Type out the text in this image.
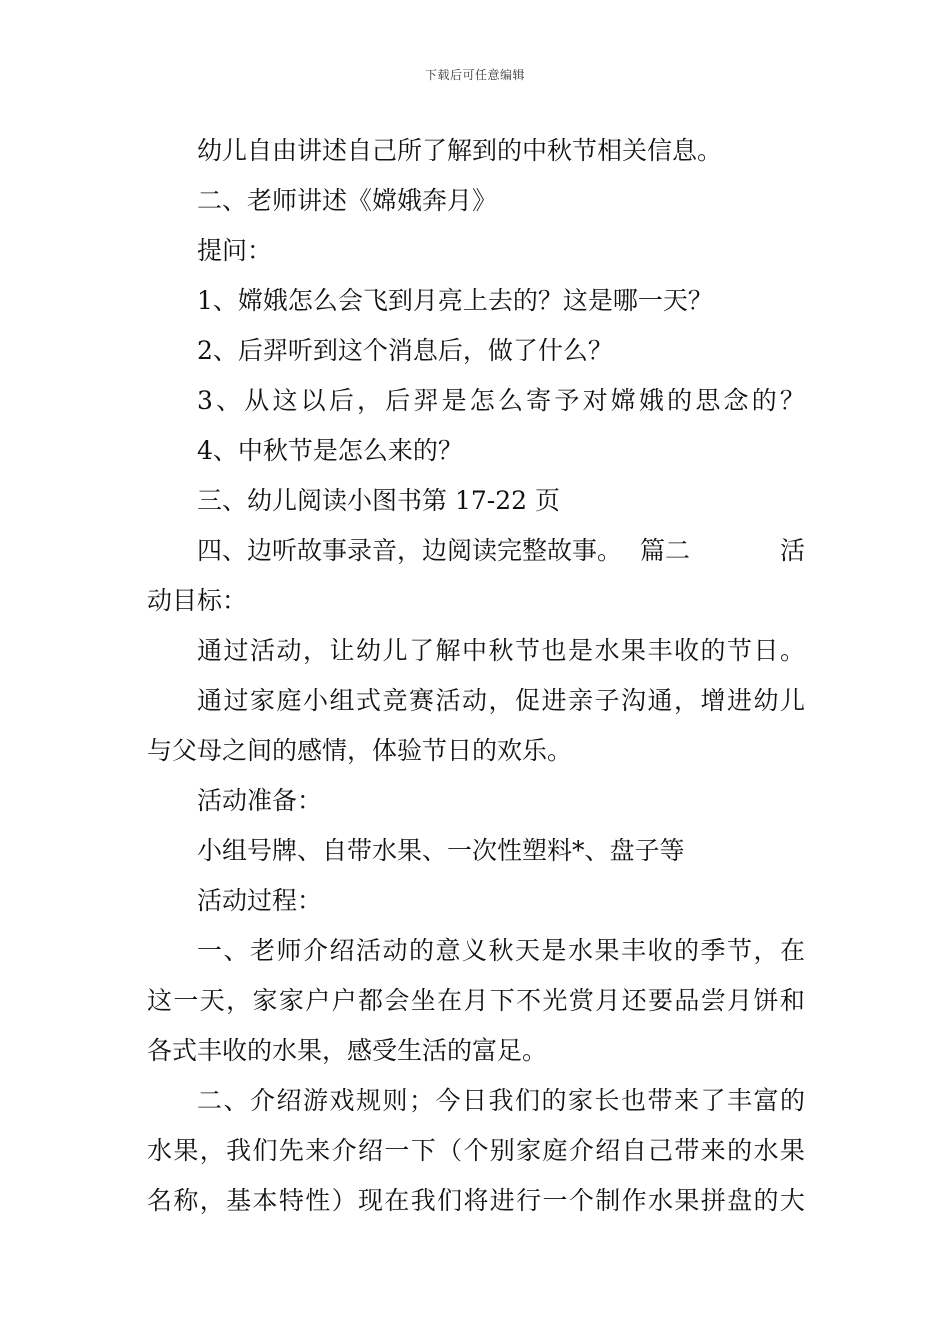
下载后可任意编辑

幼儿自由讲述自己所了解到的中秋节相关信息。

二、老师讲述《嫦娥奔月》

提问：

1、嫦娥怎么会飞到月亮上去的？这是哪一天？

2、后羿听到这个消息后，做了什么？

3、从这以后，后羿是怎么寄予对嫦娥的思念的？

4、中秋节是怎么来的？

三、幼儿阅读小图书第 17-22 页

四、边听故事录音，边阅读完整故事。 篇二	活

动目标：

通过活动，让幼儿了解中秋节也是水果丰收的节日。

通过家庭小组式竞赛活动，促进亲子沟通，增进幼儿

与父母之间的感情，体验节日的欢乐。

活动准备：

小组号牌、自带水果、一次性塑料*、盘子等

活动过程：

一、老师介绍活动的意义秋天是水果丰收的季节，在

这一天，家家户户都会坐在月下不光赏月还要品尝月饼和

各式丰收的水果，感受生活的富足。

二、介绍游戏规则；今日我们的家长也带来了丰富的

水果，我们先来介绍一下（个别家庭介绍自己带来的水果

名称，基本特性）现在我们将进行一个制作水果拼盘的大
